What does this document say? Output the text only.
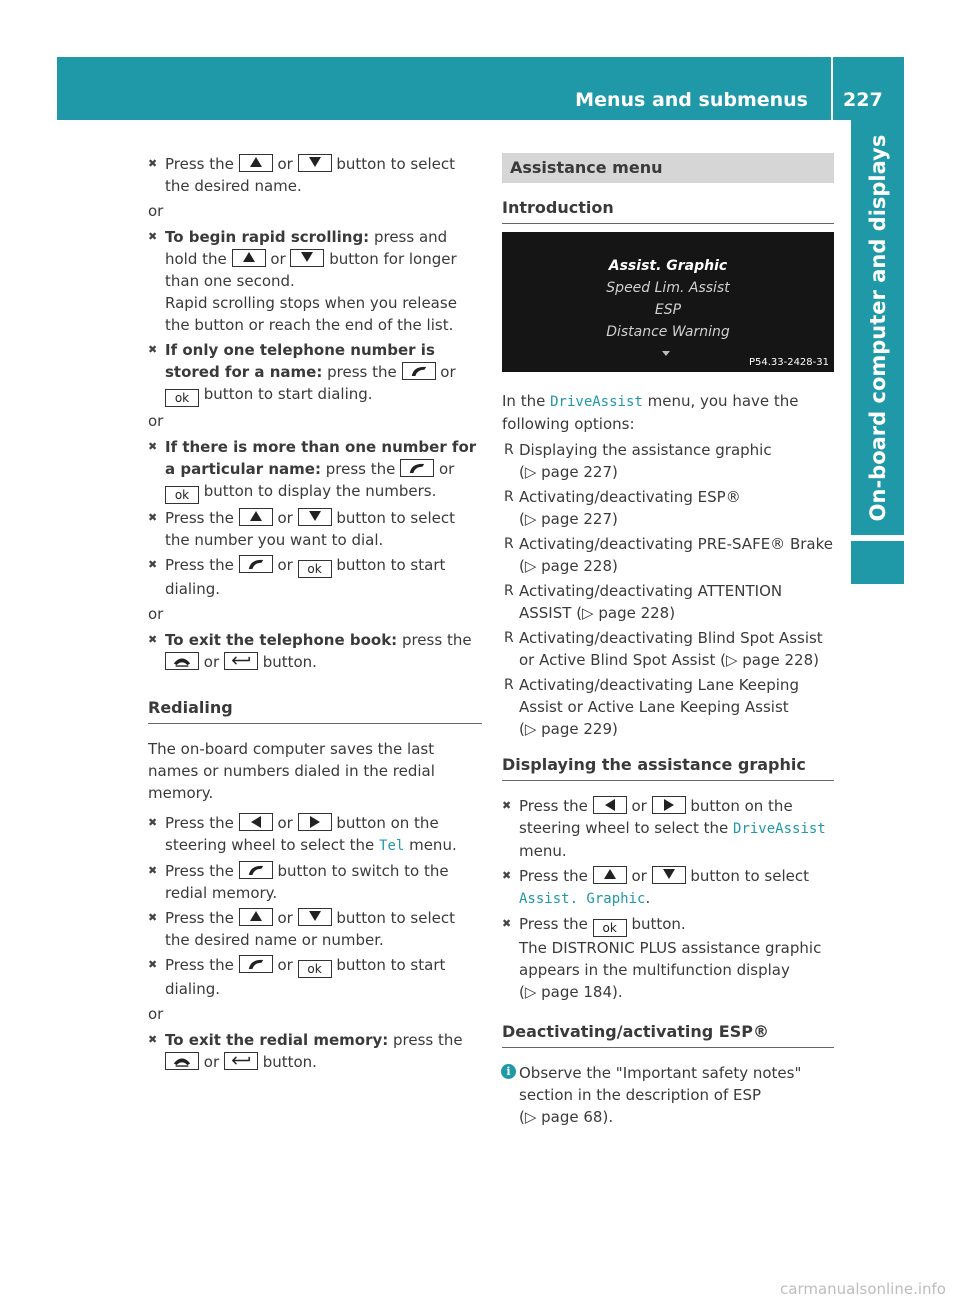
Menus and submenus 227
On-board computer and displays
✖ Press the	or	button to select the desired name.
or
✖ To begin rapid scrolling: press and hold the	or	button for longer than one second.
Rapid scrolling stops when you release the button or reach the end of the list.
✖ If only one telephone number is stored for a name: press the	or ok button to start dialing.
or
✖ If there is more than one number for a particular name: press the	or ok button to display the numbers.
✖ Press the	or	button to select the number you want to dial.
✖ Press the	or ok button to start dialing.
or
✖ To exit the telephone book: press the
or	button.
Redialing
The on-board computer saves the last names or numbers dialed in the redial memory.
✖ Press the	or	button on the steering wheel to select the Tel menu.
✖ Press the	button to switch to the redial memory.
✖ Press the	or	button to select the desired name or number.
✖ Press the	or ok button to start dialing.
or
✖ To exit the redial memory: press the
or	button.
Assistance menu
Introduction
Assist. Graphic
Speed Lim. Assist
ESP
Distance Warning
P54.33-2428-31
In the DriveAssist menu, you have the following options:
R Displaying the assistance graphic
(▷ page 227)
R Activating/deactivating ESP®
(▷ page 227)
R Activating/deactivating PRE-SAFE® Brake
(▷ page 228)
R Activating/deactivating ATTENTION ASSIST (▷ page 228)
R Activating/deactivating Blind Spot Assist or Active Blind Spot Assist (▷ page 228)
R Activating/deactivating Lane Keeping Assist or Active Lane Keeping Assist
(▷ page 229)
Displaying the assistance graphic
✖ Press the	or	button on the steering wheel to select the DriveAssist menu.
✖ Press the	or	button to select Assist. Graphic.
✖ Press the ok button.
The DISTRONIC PLUS assistance graphic appears in the multifunction display
(▷ page 184).
Deactivating/activating ESP®
i Observe the "Important safety notes" section in the description of ESP
(▷ page 68).
carmanualsonline.info
